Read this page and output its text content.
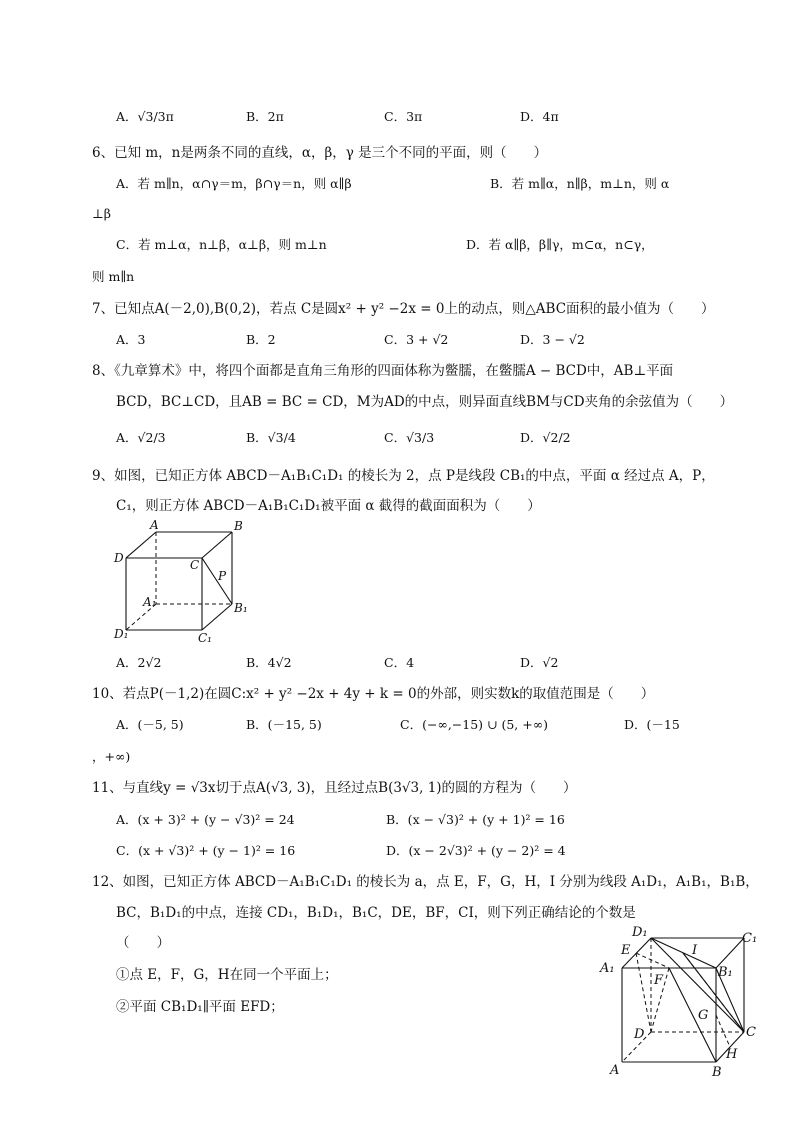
A．√3/3π	B．2π	C．3π	D．4π
6、已知 m，n是两条不同的直线，α，β，γ 是三个不同的平面，则（　　）
A．若 m∥n，α∩γ＝m，β∩γ＝n，则 α∥β	B．若 m∥α，n∥β，m⊥n，则 α
⊥β
C．若 m⊥α，n⊥β，α⊥β，则 m⊥n	D．若 α∥β，β∥γ，m⊂α，n⊂γ，
则 m∥n
7、已知点A(－2,0),B(0,2)，若点 C是圆x² + y² −2x = 0上的动点，则△ABC面积的最小值为（　　）
A．3	B．2	C．3 + √2	D．3 − √2
8、《九章算术》中，将四个面都是直角三角形的四面体称为鳖臑，在鳖臑A − BCD中，AB⊥平面
BCD，BC⊥CD，且AB = BC = CD，M为AD的中点，则异面直线BM与CD夹角的余弦值为（　　）
A．√2/3	B．√3/4	C．√3/3	D．√2/2
9、如图，已知正方体 ABCD－A₁B₁C₁D₁ 的棱长为 2，点 P是线段 CB₁的中点，平面 α 经过点 A，P，
C₁，则正方体 ABCD－A₁B₁C₁D₁被平面 α 截得的截面面积为（　　）
A	B
C
D
P
A₁	B₁
C₁
D₁
A．2√2	B．4√2	C．4	D．√2
10、若点P(－1,2)在圆C:x² + y² −2x + 4y + k = 0的外部，则实数k的取值范围是（　　）
A．(－5, 5)	B．(－15, 5)	C．(−∞,−15) ∪ (5, +∞)	D．(－15
，+∞)
11、与直线y = √3x切于点A(√3, 3)，且经过点B(3√3, 1)的圆的方程为（　　）
A．(x + 3)² + (y − √3)² = 24	B．(x − √3)² + (y + 1)² = 16
C．(x + √3)² + (y − 1)² = 16	D．(x − 2√3)² + (y − 2)² = 4
12、如图，已知正方体 ABCD－A₁B₁C₁D₁ 的棱长为 a，点 E，F，G，H，I 分别为线段 A₁D₁，A₁B₁，B₁B，
BC，B₁D₁的中点，连接 CD₁，B₁D₁，B₁C，DE，BF，CI，则下列正确结论的个数是
（　　）
①点 E，F，G，H在同一个平面上；
②平面 CB₁D₁∥平面 EFD；
D₁	C₁
E	I
A₁	B₁
F
G
D	C
H
A	B
